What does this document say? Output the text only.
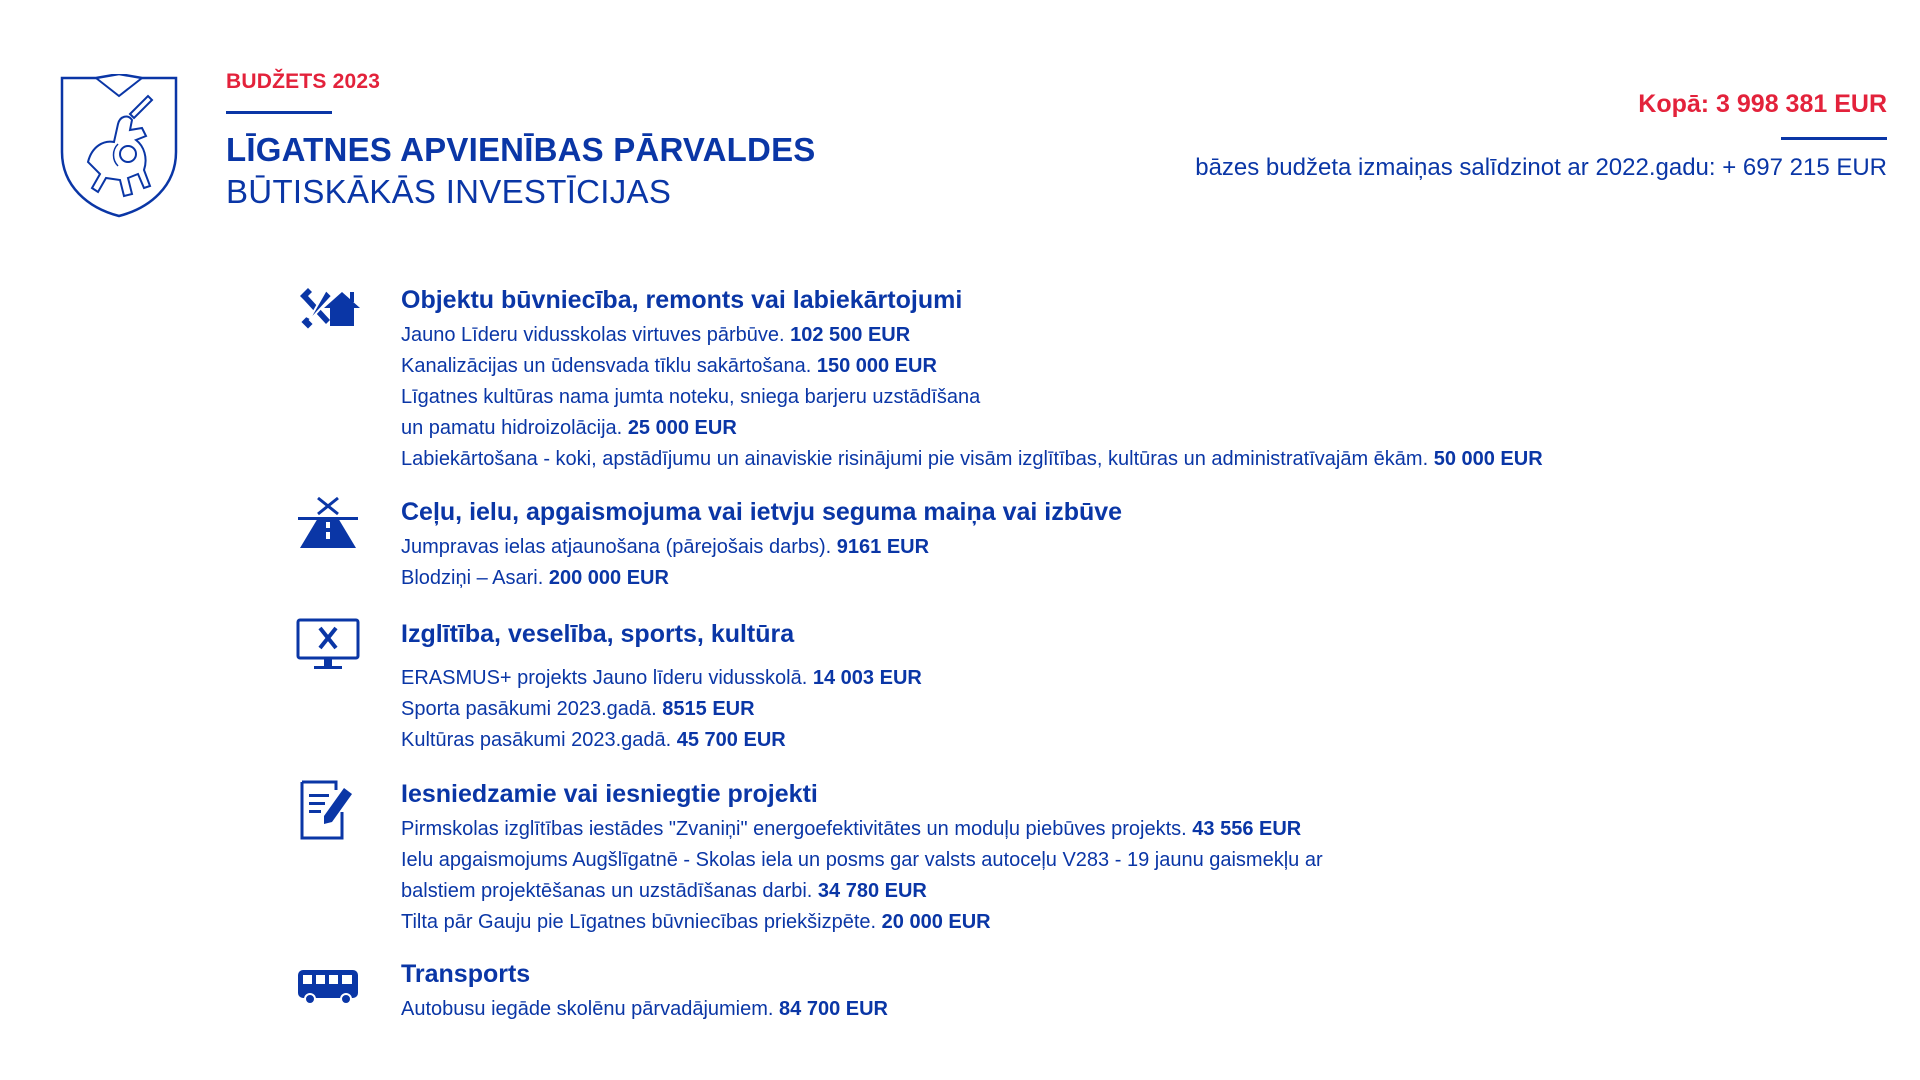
BUDŽETS 2023
LĪGATNES APVIENĪBAS PĀRVALDES
BŪTISKĀKĀS INVESTĪCIJAS
Kopā: 3 998 381 EUR
bāzes budžeta izmaiņas salīdzinot ar 2022.gadu: + 697 215 EUR
Objektu būvniecība, remonts vai labiekārtojumi
Jauno Līderu vidusskolas virtuves pārbūve. 102 500 EUR
Kanalizācijas un ūdensvada tīklu sakārtošana. 150 000 EUR
Līgatnes kultūras nama jumta noteku, sniega barjeru uzstādīšana
un pamatu hidroizolācija. 25 000 EUR
Labiekārtošana - koki, apstādījumu un ainaviskie risinājumi pie visām izglītības, kultūras un administratīvajām ēkām. 50 000 EUR
Ceļu, ielu, apgaismojuma vai ietvju seguma maiņa vai izbūve
Jumpravas ielas atjaunošana (pārejošais darbs). 9161 EUR
Blodziņi – Asari. 200 000 EUR
Izglītība, veselība, sports, kultūra
ERASMUS+ projekts Jauno līderu vidusskolā. 14 003 EUR
Sporta pasākumi 2023.gadā. 8515 EUR
Kultūras pasākumi 2023.gadā. 45 700 EUR
Iesniedzamie vai iesniegtie projekti
Pirmskolas izglītības iestādes "Zvaniņi" energoefektivitātes un moduļu piebūves projekts. 43 556 EUR
Ielu apgaismojums Augšlīgatnē - Skolas iela un posms gar valsts autoceļu V283 - 19 jaunu gaismekļu ar
balstiem projektēšanas un uzstādīšanas darbi. 34 780 EUR
Tilta pār Gauju pie Līgatnes būvniecības priekšizpēte. 20 000 EUR
Transports
Autobusu iegāde skolēnu pārvadājumiem. 84 700 EUR
